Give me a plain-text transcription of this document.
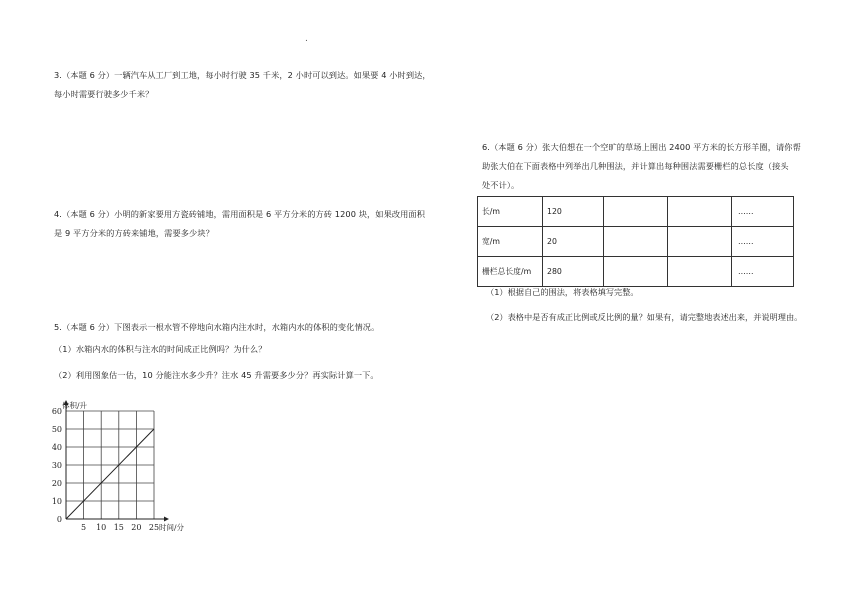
.

3.（本题 6 分）一辆汽车从工厂到工地，每小时行驶 35 千米，2 小时可以到达。如果要 4 小时到达，

每小时需要行驶多少千米？

4.（本题 6 分）小明的新家要用方瓷砖铺地，需用面积是 6 平方分米的方砖 1200 块，如果改用面积

是 9 平方分米的方砖来铺地，需要多少块？

5.（本题 6 分）下图表示一根水管不停地向水箱内注水时，水箱内水的体积的变化情况。

（1）水箱内水的体积与注水的时间成正比例吗？为什么？

（2）利用图象估一估，10 分能注水多少升？注水 45 升需要多少分？再实际计算一下。

0
10
20
30
40
50
60
5 10 15 20 25
体积/升
时间/分

6.（本题 6 分）张大伯想在一个空旷的草场上围出 2400 平方米的长方形羊圈，请你帮

助张大伯在下面表格中列举出几种围法，并计算出每种围法需要栅栏的总长度（接头

处不计）。

长/m	120			……
宽/m	20			……
栅栏总长度/m	280			……
（1）根据自己的围法，将表格填写完整。
（2）表格中是否有成正比例或反比例的量？如果有，请完整地表述出来，并说明理由。
